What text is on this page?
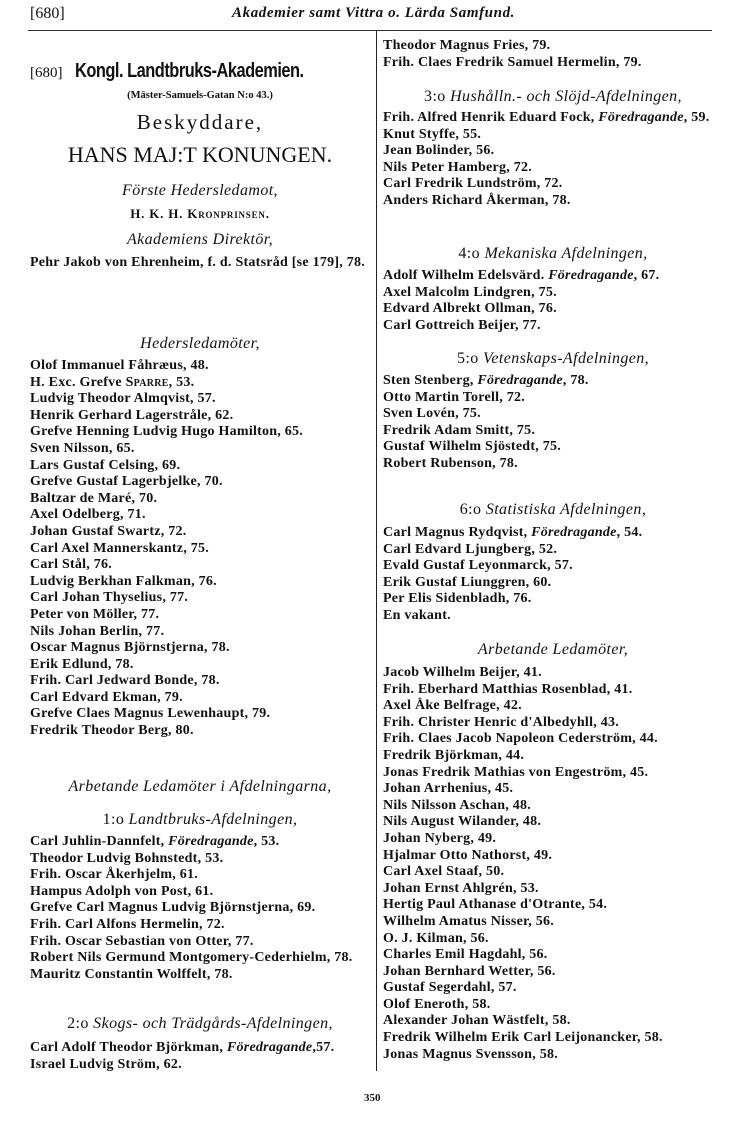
[680]	Akademier samt Vittra o. Lärda Samfund.
[680] Kongl. Landtbruks-Akademien.
(Mäster-Samuels-Gatan N:o 43.)
Beskyddare,
HANS MAJ:T KONUNGEN.
Förste Hedersledamot,
H. K. H. Kronprinsen.
Akademiens Direktör,
Pehr Jakob von Ehrenheim, f. d. Statsråd [se 179], 78.
Hedersledamöter,
Olof Immanuel Fåhræus, 48.
H. Exc. Grefve Sparre, 53.
Ludvig Theodor Almqvist, 57.
Henrik Gerhard Lagerstråle, 62.
Grefve Henning Ludvig Hugo Hamilton, 65.
Sven Nilsson, 65.
Lars Gustaf Celsing, 69.
Grefve Gustaf Lagerbjelke, 70.
Baltzar de Maré, 70.
Axel Odelberg, 71.
Johan Gustaf Swartz, 72.
Carl Axel Mannerskantz, 75.
Carl Stål, 76.
Ludvig Berkhan Falkman, 76.
Carl Johan Thyselius, 77.
Peter von Möller, 77.
Nils Johan Berlin, 77.
Oscar Magnus Björnstjerna, 78.
Erik Edlund, 78.
Frih. Carl Jedward Bonde, 78.
Carl Edvard Ekman, 79.
Grefve Claes Magnus Lewenhaupt, 79.
Fredrik Theodor Berg, 80.
Arbetande Ledamöter i Afdelningarna,
1:o Landtbruks-Afdelningen,
Carl Juhlin-Dannfelt, Föredragande, 53.
Theodor Ludvig Bohnstedt, 53.
Frih. Oscar Åkerhjelm, 61.
Hampus Adolph von Post, 61.
Grefve Carl Magnus Ludvig Björnstjerna, 69.
Frih. Carl Alfons Hermelin, 72.
Frih. Oscar Sebastian von Otter, 77.
Robert Nils Germund Montgomery-Cederhielm, 78.
Mauritz Constantin Wolffelt, 78.
2:o Skogs- och Trädgårds-Afdelningen,
Carl Adolf Theodor Björkman, Föredragande,57.
Israel Ludvig Ström, 62.
Theodor Magnus Fries, 79.
Frih. Claes Fredrik Samuel Hermelin, 79.
3:o Hushålln.- och Slöjd-Afdelningen,
Frih. Alfred Henrik Eduard Fock, Föredragande, 59.
Knut Styffe, 55.
Jean Bolinder, 56.
Nils Peter Hamberg, 72.
Carl Fredrik Lundström, 72.
Anders Richard Åkerman, 78.
4:o Mekaniska Afdelningen,
Adolf Wilhelm Edelsvärd. Föredragande, 67.
Axel Malcolm Lindgren, 75.
Edvard Albrekt Ollman, 76.
Carl Gottreich Beijer, 77.
5:o Vetenskaps-Afdelningen,
Sten Stenberg, Föredragande, 78.
Otto Martin Torell, 72.
Sven Lovén, 75.
Fredrik Adam Smitt, 75.
Gustaf Wilhelm Sjöstedt, 75.
Robert Rubenson, 78.
6:o Statistiska Afdelningen,
Carl Magnus Rydqvist, Föredragande, 54.
Carl Edvard Ljungberg, 52.
Evald Gustaf Leyonmarck, 57.
Erik Gustaf Liunggren, 60.
Per Elis Sidenbladh, 76.
En vakant.
Arbetande Ledamöter,
Jacob Wilhelm Beijer, 41.
Frih. Eberhard Matthias Rosenblad, 41.
Axel Åke Belfrage, 42.
Frih. Christer Henric d'Albedyhll, 43.
Frih. Claes Jacob Napoleon Cederström, 44.
Fredrik Björkman, 44.
Jonas Fredrik Mathias von Engeström, 45.
Johan Arrhenius, 45.
Nils Nilsson Aschan, 48.
Nils August Wilander, 48.
Johan Nyberg, 49.
Hjalmar Otto Nathorst, 49.
Carl Axel Staaf, 50.
Johan Ernst Ahlgrén, 53.
Hertig Paul Athanase d'Otrante, 54.
Wilhelm Amatus Nisser, 56.
O. J. Kilman, 56.
Charles Emil Hagdahl, 56.
Johan Bernhard Wetter, 56.
Gustaf Segerdahl, 57.
Olof Eneroth, 58.
Alexander Johan Wästfelt, 58.
Fredrik Wilhelm Erik Carl Leijonancker, 58.
Jonas Magnus Svensson, 58.
350
